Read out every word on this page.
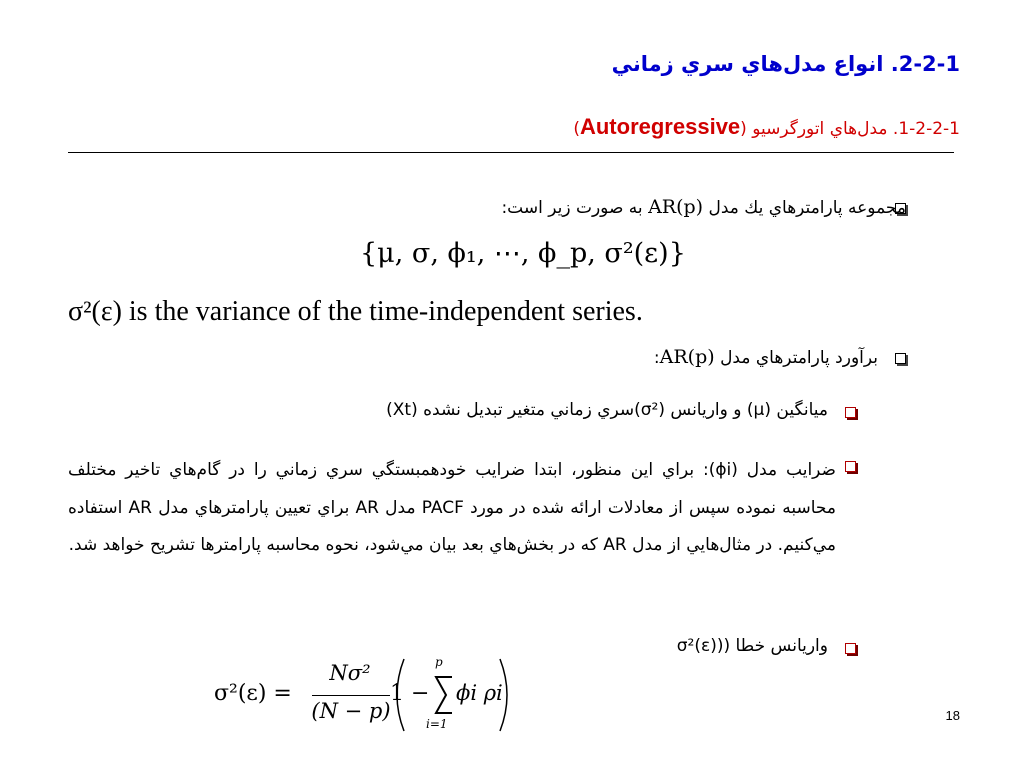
2-2-1. انواع مدل‌هاي سري زماني
1-2-2-1. مدل‌هاي اتورگرسيو (Autoregressive)
مجموعه پارامترهاي يك مدل AR(p) به صورت زير است:
{μ, σ, ϕ₁, ⋯, ϕ_p, σ²(ε)}
σ²(ε) is the variance of the time-independent series.
برآورد پارامترهاي مدل AR(p):
ميانگين (μ) و واريانس (σ²)سري زماني متغير تبديل نشده (Xt)
ضرايب مدل (ϕi): براي اين منظور، ابتدا ضرايب خودهمبستگي سري زماني را در گام‌هاي تاخير مختلف محاسبه نموده سپس از معادلات ارائه شده در مورد PACF مدل AR براي تعيين پارامترهاي مدل AR استفاده مي‌كنيم. در مثال‌هايي از مدل AR كه در بخش‌هاي بعد بيان مي‌شود، نحوه محاسبه پارامترها تشريح خواهد شد.
واريانس خطا ((σ²(ε)
σ²(ε) =
Nσ²
(N − p)
1 −
p
i=1
ϕi ρi
18
